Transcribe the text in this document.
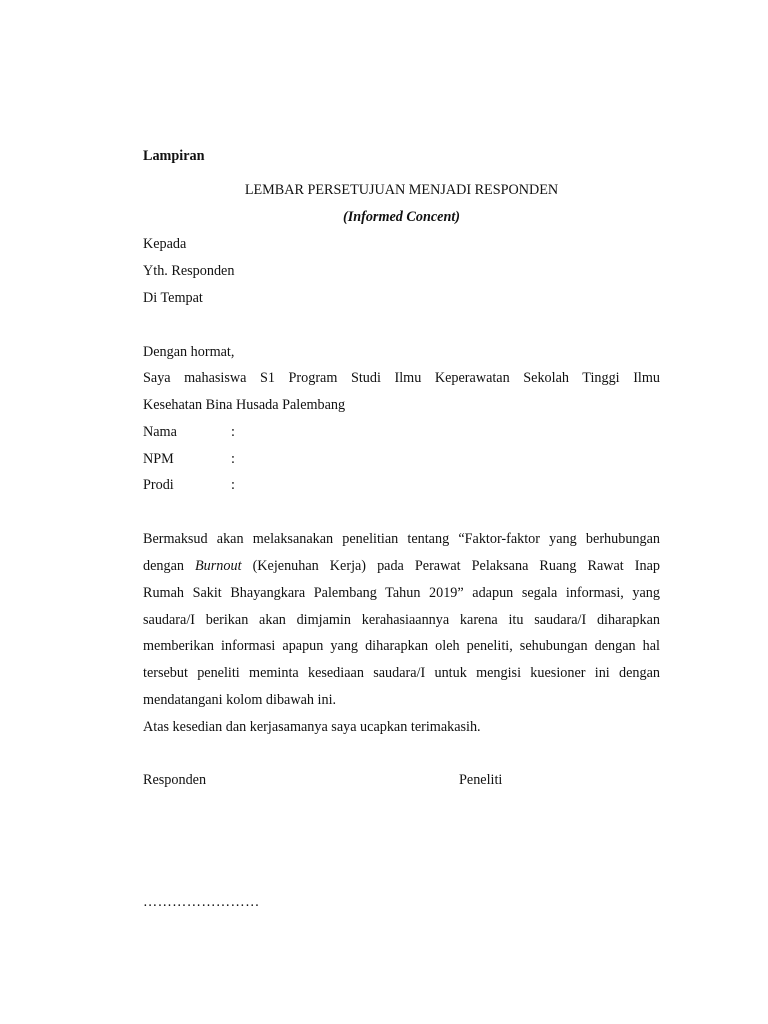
Lampiran
LEMBAR PERSETUJUAN MENJADI RESPONDEN
(Informed Concent)
Kepada
Yth. Responden
Di Tempat
Dengan hormat,
Saya mahasiswa S1 Program Studi Ilmu Keperawatan Sekolah Tinggi Ilmu
Kesehatan Bina Husada Palembang
Nama	:
NPM	:
Prodi	:
Bermaksud akan melaksanakan penelitian tentang “Faktor-faktor yang berhubungan
dengan Burnout (Kejenuhan Kerja) pada Perawat Pelaksana Ruang Rawat Inap
Rumah Sakit Bhayangkara Palembang Tahun 2019” adapun segala informasi, yang
saudara/I berikan akan dimjamin kerahasiaannya karena itu saudara/I diharapkan
memberikan informasi apapun yang diharapkan oleh peneliti, sehubungan dengan hal
tersebut peneliti meminta kesediaan saudara/I untuk mengisi kuesioner ini dengan
mendatangani kolom dibawah ini.
Atas kesedian dan kerjasamanya saya ucapkan terimakasih.
Responden	Peneliti
……………………
